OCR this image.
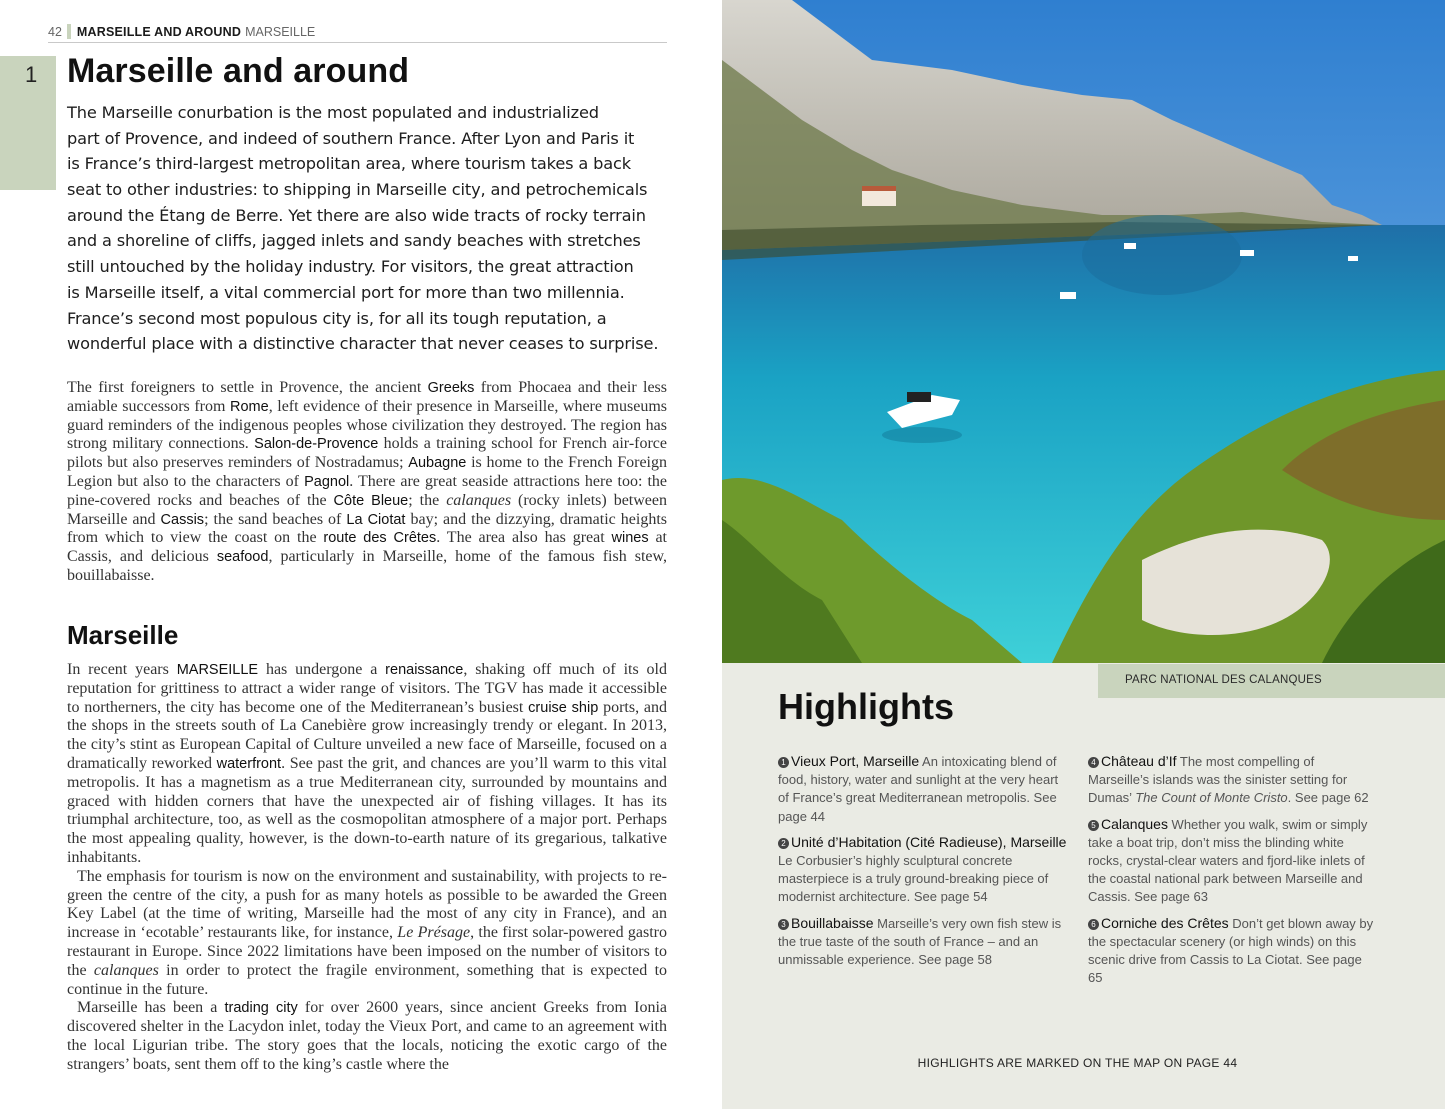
42 MARSEILLE AND AROUND MARSEILLE
1 Marseille and around
The Marseille conurbation is the most populated and industrialized
part of Provence, and indeed of southern France. After Lyon and Paris it
is France’s third-largest metropolitan area, where tourism takes a back
seat to other industries: to shipping in Marseille city, and petrochemicals
around the Étang de Berre. Yet there are also wide tracts of rocky terrain
and a shoreline of cliffs, jagged inlets and sandy beaches with stretches
still untouched by the holiday industry. For visitors, the great attraction
is Marseille itself, a vital commercial port for more than two millennia.
France’s second most populous city is, for all its tough reputation, a
wonderful place with a distinctive character that never ceases to surprise.

The first foreigners to settle in Provence, the ancient Greeks from Phocaea and their less amiable successors from Rome, left evidence of their presence in Marseille, where museums guard reminders of the indigenous peoples whose civilization they destroyed. The region has strong military connections. Salon-de-Provence holds a training school for French air-force pilots but also preserves reminders of Nostradamus; Aubagne is home to the French Foreign Legion but also to the characters of Pagnol. There are great seaside attractions here too: the pine-covered rocks and beaches of the Côte Bleue; the calanques (rocky inlets) between Marseille and Cassis; the sand beaches of La Ciotat bay; and the dizzying, dramatic heights from which to view the coast on the route des Crêtes. The area also has great wines at Cassis, and delicious seafood, particularly in Marseille, home of the famous fish stew, bouillabaisse.

Marseille

In recent years MARSEILLE has undergone a renaissance, shaking off much of its old reputation for grittiness to attract a wider range of visitors. The TGV has made it accessible to northerners, the city has become one of the Mediterranean’s busiest cruise ship ports, and the shops in the streets south of La Canebière grow increasingly trendy or elegant. In 2013, the city’s stint as European Capital of Culture unveiled a new face of Marseille, focused on a dramatically reworked waterfront. See past the grit, and chances are you’ll warm to this vital metropolis. It has a magnetism as a true Mediterranean city, surrounded by mountains and graced with hidden corners that have the unexpected air of fishing villages. It has its triumphal architecture, too, as well as the cosmopolitan atmosphere of a major port. Perhaps the most appealing quality, however, is the down-to-earth nature of its gregarious, talkative inhabitants.

The emphasis for tourism is now on the environment and sustainability, with projects to re-green the centre of the city, a push for as many hotels as possible to be awarded the Green Key Label (at the time of writing, Marseille had the most of any city in France), and an increase in ‘ecotable’ restaurants like, for instance, Le Présage, the first solar-powered gastro restaurant in Europe. Since 2022 limitations have been imposed on the number of visitors to the calanques in order to protect the fragile environment, something that is expected to continue in the future.

Marseille has been a trading city for over 2600 years, since ancient Greeks from Ionia discovered shelter in the Lacydon inlet, today the Vieux Port, and came to an agreement with the local Ligurian tribe. The story goes that the locals, noticing the exotic cargo of the strangers’ boats, sent them off to the king’s castle where the

PARC NATIONAL DES CALANQUES
Highlights
1 Vieux Port, Marseille An intoxicating blend of food, history, water and sunlight at the very heart of France’s great Mediterranean metropolis. See page 44
2 Unité d’Habitation (Cité Radieuse), Marseille Le Corbusier’s highly sculptural concrete masterpiece is a truly ground-breaking piece of modernist architecture. See page 54
3 Bouillabaisse Marseille’s very own fish stew is the true taste of the south of France – and an unmissable experience. See page 58
4 Château d’If The most compelling of Marseille’s islands was the sinister setting for Dumas’ The Count of Monte Cristo. See page 62
5 Calanques Whether you walk, swim or simply take a boat trip, don’t miss the blinding white rocks, crystal-clear waters and fjord-like inlets of the coastal national park between Marseille and Cassis. See page 63
6 Corniche des Crêtes Don’t get blown away by the spectacular scenery (or high winds) on this scenic drive from Cassis to La Ciotat. See page 65
HIGHLIGHTS ARE MARKED ON THE MAP ON PAGE 44
